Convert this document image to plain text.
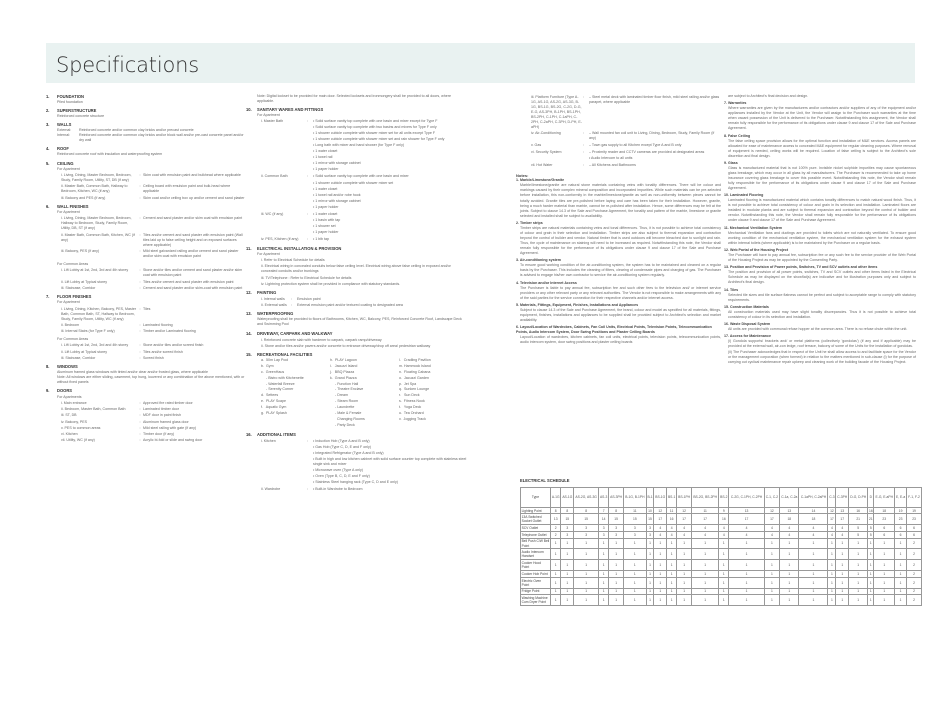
Specifications
1.	FOUNDATION
Piled foundation
2.	SUPERSTRUCTURE
Reinforced concrete structure
3.	WALLS
External:	Reinforced concrete and/or common clay bricks and/or precast concrete
Internal:	Reinforced concrete and/or common clay bricks and/or block wall and/or pre-cast concrete panel and/or dry wall
4.	ROOF
Reinforced concrete roof with insulation and waterproofing system
5.	CEILING
For Apartment
i. Living, Dining, Master Bedroom, Bedroom, Study, Family Room, Utility, ST, DB (if any)
: Skim coat with emulsion paint and bulkhead where applicable
ii. Master Bath, Common Bath, Hallway to Bedroom, Kitchen, WC (if any)
: Ceiling board with emulsion paint and bulk-head where applicable
iii. Balcony and PES (if any)	: Skim coat and/or ceiling box up and/or cement and sand plaster
6.	WALL FINISHES
For Apartment
i. Living, Dining, Master Bedroom, Bedroom, Hallway to Bedroom, Study, Family Room, Utility, DB, ST (if any)
: Cement and sand plaster and/or skim coat with emulsion paint
ii. Master Bath, Common Bath, Kitchen, WC (if any)
: Tiles and/or cement and sand plaster with emulsion paint (Wall tiles laid up to false ceiling height and on exposed surfaces where applicable)
iii. Balcony, PES (if any)	: Mild steel galvanized railing and/or cement and sand plaster and/or skim coat with emulsion paint
For Common Areas
i. Lift Lobby at 1st, 2nd, 3rd and 4th storey	: Stone and/or tiles and/or cement and sand plaster and/or skim coat with emulsion paint
ii. Lift Lobby at Typical storey	: Tiles and/or cement and sand plaster with emulsion paint
iii. Staircase, Corridor	: Cement and sand plaster and/or skim-coat with emulsion paint
7.	FLOOR FINISHES
For Apartment
i. Living, Dining, Kitchen, Balcony, PES, Master Bath, Common Bath, ST, Hallway to Bedroom, Study, Family Room, Utility, WC (if any)
: Tiles
ii. Bedroom	: Laminated flooring
iii. Internal Stairs (for Type F only)	: Timber and/or Laminated flooring
For Common Areas
i. Lift Lobby at 1st, 2nd, 3rd and 4th storey	: Stone and/or tiles and/or screed finish
ii. Lift Lobby at Typical storey	: Tiles and/or screed finish
iii. Staircase, Corridor	: Screed finish
8.	WINDOWS
Aluminum framed glass windows with tinted and/or clear and/or frosted glass, where applicable
Note: All windows are either sliding, casement, top hung, louvered or any combination of the above mentioned, with or without fixed panels
9.	DOORS
For Apartments
i. Main entrance	: Approved fire rated timber door
ii. Bedroom, Master Bath, Common Bath	: Laminated timber door
iii. ST, DB	: MDF door in paint finish
iv. Balcony, PES	: Aluminum framed glass door
v. PES to common areas	: Mild steel railing with gate (if any)
vi. Kitchen	: Timber door (if any)
vii. Utility, WC (if any)	: Acrylic bi-fold or slide and swing door
Note: Digital lockset to be provided for main door. Selected locksets and ironmongery shall be provided to all doors, where applicable.
10.	SANITARY WARES AND FITTINGS
For Apartment
i. Master Bath	:	• Solid surface vanity top complete with one basin and mixer except for Type F
• Solid surface vanity top complete with two basins and mixers for Type F only
• 1 shower cubicle complete with shower mixer set for all units except Type F
• 1 shower cubicle complete with shower mixer set and rain shower for Type F only
• Long bath with mixer and hand shower (for Type F only)
• 1 water closet
• 1 towel rail
• 1 mirror with storage cabinet
• 1 paper holder
ii. Common Bath	:	• Solid surface vanity top complete with one basin and mixer
• 1 shower cubicle complete with shower mixer set
• 1 water closet
• 1 towel rail and/or robe hook
• 1 mirror with storage cabinet
• 1 paper holder
iii. WC (if any)	:	• 1 water closet
• 1 basin with tap
• 1 shower set
• 1 paper holder
iv. PES, Kitchen (if any)	:	• 1 bib tap
11.	ELECTRICAL INSTALLATION & PROVISION
For Apartment
i. Refer to Electrical Schedule for details
ii. Electrical wiring in concealed conduits below false ceiling level. Electrical wiring above false ceiling in exposed and/or concealed conduits and/or trunkings
iii. TV/Telephone : Refer to Electrical Schedule for details
iv. Lightning protection system shall be provided in compliance with statutory standards.
12.	PAINTING
i. Internal walls	:	Emulsion paint
ii. External walls	:	External emulsion paint and/or textured coating to designated area
13.	WATERPROOFING
Waterproofing shall be provided to floors of Bathrooms, Kitchen, WC, Balcony, PES, Reinforced Concrete Roof, Landscape Deck and Swimming Pool
14.	DRIVEWAY, CARPARK AND WALKWAY
i. Reinforced concrete slab with hardener to carpark, carpark ramp/driveway
ii. Stone and/or tiles and/or pavers and/or concrete to entrance driveway/drop off area/ pedestrian walkway
15.	RECREATIONAL FACILITIES
a.  50m Lap Pool
b.  Gym
c.  GreenHaus
- Bistro with Kitchenette
- Waterfall Breeze
- Serenity Corner
d.  Settees
e.  PLAY Scape
f.   Aquatic Gym
g.  PLAY Splash
h.  PLAY Lagoon
i.   Jacuzzi Island
j.   BBQ Piazza
k.  Grand Piazza
- Function Hall
- Theatre Enclave
- Dream
- Steam Room
- Laundrette
- Male & Female
Changing Rooms
- Party Deck
l.   Cradling Pavilion
m. Hammock Island
n.  Floating Cabana
o.  Jacuzzi Garden
p.  Jet Spa
q.  Sunken Lounge
r.   Sun Deck
s.  Fitness Nook
t.   Yoga Deck
u.  Tea Orchard
v.  Jogging Track
16.	ADDITIONAL ITEMS
i. Kitchen	:	• Induction Hob (Type A and B only)
• Gas Hob (Type C, D, E and F only)
• Integrated Refrigerator (Type A and B only)
• Built in high and low kitchen cabinet with solid surface counter top complete with stainless steel single sink and mixer
• Microwave oven (Type A only)
• Oven (Type B, C, D, E and F only)
• Stainless Steel hanging rack (Type C, D and E only)
ii. Wardrobe	:	• Built-in Wardrobe to Bedroom
iii. Platform Furniture (Type A-1G, AS-1G, AS-2G, AS-3G, B-1G, BS-1G, BS-2G, C-2G, D-G, E-G, AS-3PH, B-1PH, BS-1PH, BS-2PH, C-1PH, C-1aPH, C-2PH, C-2aPH, C-3PH, D-PH, E-aPH)
:	– Steel metal deck with laminated timber floor finish, mild steel railing and/or glass parapet, where applicable
iv. Air-Conditioning	:	– Wall mounted fan coil unit to Living, Dining, Bedroom, Study, Family Room (if any)
v. Gas	:	– Town gas supply to all Kitchen except Type A and B only
vi. Security System	:	– Proximity reader and CCTV cameras are provided at designated areas
• Audio Intercom to all units
vii. Hot Water	:	– All Kitchens and Bathrooms
Notes:
1. Marble/Limestone/Granite
Marble/limestone/granite are natural stone materials containing veins with tonality differences. There will be colour and markings caused by their complex mineral composition and incorporated impurities. While such materials can be pre-selected before installation, this non-conformity in the marble/limestone/granite as well as non-uniformity between pieces cannot be totally avoided. Granite tiles are pre-polished before laying and care has been taken for their installation. However, granite, being a much harder material than marble, cannot be re-polished after installation. Hence, some differences may be felt at the joints. Subject to clause 14.3 of the Sale and Purchase Agreement, the tonality and pattern of the marble, limestone or granite selected and installed shall be subject to availability.
2. Timber strips
Timber strips are natural materials containing veins and tonal differences. Thus, it is not possible to achieve total consistency of colour and grain in their selection and installation. Timber strips are also subject to thermal expansion and contraction beyond the control of builder and vendor. Natural timber that is used outdoors will become bleached due to sunlight and rain. Thus, the cycle of maintenance on staining will need to be increased as required. Notwithstanding this note, the Vendor shall remain fully responsible for the performance of its obligations under clause 9 and clause 17 of the Sale and Purchase Agreement.
3. Air-conditioning system
To ensure good working condition of the air-conditioning system, the system has to be maintained and cleaned on a regular basis by the Purchaser. This includes the cleaning of filters, clearing of condensate pipes and charging of gas. The Purchaser is advised to engage his/her own contractor to service the air-conditioning system regularly.
4. Television and/or Internet Access
The Purchaser is liable to pay annual fee, subscription fee and such other fees to the television and/ or internet service providers or any other relevant party or any relevant authorities. The Vendor is not responsible to make arrangements with any of the said parties for the service connection for their respective channels and/or internet access.
5. Materials, Fittings, Equipment, Finishes, Installations and Appliances
Subject to clause 14.3 of the Sale and Purchase Agreement, the brand, colour and model as specified for all materials, fittings, equipment, finishes, installations and appliances to be supplied shall be provided subject to Architect's selection and market availability.
6. Layout/Location of Wardrobes, Cabinets, Fan Coil Units, Electrical Points, Television Points, Telecommunication Points, Audio Intercom System, Door Swing Positions and Plaster Ceiling Boards
Layout/Location of wardrobes, kitchen cabinets, fan coil units, electrical points, television points, telecommunication points, audio intercom system, door swing positions and plaster ceiling boards
are subject to Architect's final decision and design.
7. Warranties
Where warranties are given by the manufacturers and/or contractors and/or suppliers of any of the equipment and/or appliances installed by the Vendor at the Unit, the Vendor will assign to the Purchaser such warranties at the time when vacant possession of the Unit is delivered to the Purchaser. Notwithstanding this assignment, the Vendor shall remain fully responsible for the performance of its obligations under clause 9 and clause 17 of the Sale and Purchase Agreement.
8. False Ceiling
The false ceiling space provision allows for the optimal function and installation of M&E services. Access panels are allocated for ease of maintenance access to concealed M&E equipment for regular cleaning purposes. Where removal of equipment is needed, ceiling works will be required. Location of false ceiling is subject to the Architect's sole discretion and final design.
9. Glass
Glass is manufactured material that is not 100% pure. Invisible nickel sulphide impurities may cause spontaneous glass breakage, which may occur in all glass by all manufacturers. The Purchaser is recommended to take up home insurance covering glass breakage to cover this possible event. Notwithstanding this note, the Vendor shall remain fully responsible for the performance of its obligations under clause 9 and clause 17 of the Sale and Purchase Agreement.
10. Laminated Flooring
Laminated flooring is manufactured material which contains tonality differences to match natural wood finish. Thus, it is not possible to achieve total consistency of colour and grain in its selection and installation. Laminated floors are installed in modular planks and are subject to thermal expansion and contraction beyond the control of builder and vendor. Notwithstanding this note, the Vendor shall remain fully responsible for the performance of its obligations under clause 9 and clause 17 of the Sale and Purchase Agreement.
11. Mechanical Ventilation System
Mechanical Ventilation fans and ductings are provided to toilets which are not naturally ventilated. To ensure good working condition of the mechanical ventilation system, the mechanical ventilation system for the exhaust system within internal toilets (where applicable) is to be maintained by the Purchaser on a regular basis.
12. Web Portal of the Housing Project
The Purchaser will have to pay annual fee, subscription fee or any such fee to the service provider of the Web Portal of the Housing Project as may be appointed by the Consenting Party.
13. Position and Provision of Power points, Switches, TV and SCV outlets and other items
The position and provision of all power points, switches, TV and SCV outlets and other items listed in the Electrical Schedule as may be displayed on the showflat(s) are indicative and for illustration purposes only and subject to Architect's final design.
14. Tiles
Selected tile sizes and tile surface flatness cannot be perfect and subject to acceptable range to comply with statutory requirements.
15. Construction Materials
All construction materials used may have slight tonality discrepancies. Thus it is not possible to achieve total consistency of colour in its selection and installation.
16. Waste Disposal System
All units are provided with communal refuse hopper at the common area. There is no refuse chute within the unit.
17. Access for Maintenance
(i) Gondola supports/ brackets and/ or metal platforms (collectively 'gondolas') (if any and if applicable) may be provided at the external wall, air-con ledge, roof terrace, balcony of some of the Units for the installation of gondolas.
(ii) The Purchaser acknowledges that in respect of the Unit he shall allow access to and facilitate space for the Vendor or the management corporation (when formed) in relation to the matters mentioned in sub-clause (i) for the purpose of carrying out cyclical maintenance repair upkeep and cleaning work of the building facade of the Housing Project.
ELECTRICAL SCHEDULE
Type	A-1G	AS-1G	AS-2G, AS-3G	AS-3	AS-3PH	B-1G, B-1PH	B-1	BS-1G	BS-1	BS-1PH	BS-2G, BS-2PH	BS-2	C-2G, C-1PH, C-2PH	C-1, C-2	C-1a, C-2a	C-1aPH, C-2aPH	C-3	C-3PH	D-G, D-PH	D	E-G, E-aPH	E, E-a	F-1, F-2
Lighting Point	8	8	8	7	8	11	10	12	11	12	11	9	13	12	13	14	12	13	16	16	18	19	19
13A Switched Socket Outlet	13	15	15	14	15	15	15	17	16	17	17	16	17	17	18	18	17	17	21	21	23	23	23
SCV Outlet	2	3	3	3	3	3	3	4	4	4	4	4	4	4	4	4	4	4	5	5	6	6	6
Telephone Outlet	2	3	3	3	3	3	3	4	4	4	4	4	4	4	4	4	4	4	5	5	6	6	6
Bell Push C/W Bell Point	1	1	1	1	1	1	1	1	1	1	1	1	1	1	1	1	1	1	1	1	1	1	2
Audio Intercom Handset	1	1	1	1	1	1	1	1	1	1	1	1	1	1	1	1	1	1	1	1	1	1	2
Cooker Hood Point	1	1	1	1	1	1	1	1	1	1	1	1	1	1	1	1	1	1	1	1	1	1	2
Cooker Hob Point	1	1	1	1	1	1	1	1	1	1	1	1	1	1	1	1	1	1	1	1	1	1	2
Electric Oven Point	1	1	1	1	1	1	1	1	1	1	1	1	1	1	1	1	1	1	1	1	1	1	2
Fridge Point	1	1	1	1	1	1	1	1	1	1	1	1	1	1	1	1	1	1	1	1	1	1	2
Washing Machine Cum Dryer Point	1	1	1	1	1	1	1	1	1	1	1	1	1	1	1	1	1	1	1	1	1	1	2
